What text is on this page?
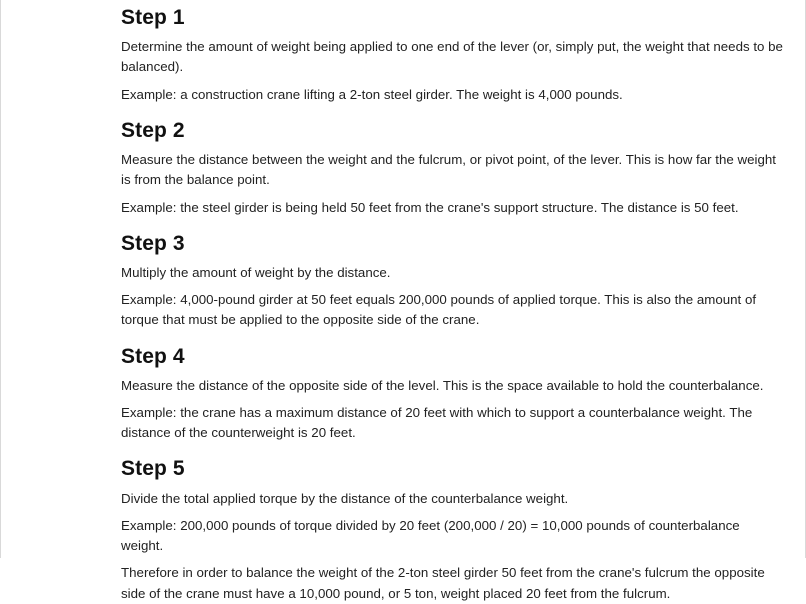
Step 1

Determine the amount of weight being applied to one end of the lever (or, simply put, the weight that needs to be balanced).

Example: a construction crane lifting a 2-ton steel girder. The weight is 4,000 pounds.

Step 2

Measure the distance between the weight and the fulcrum, or pivot point, of the lever. This is how far the weight is from the balance point.

Example: the steel girder is being held 50 feet from the crane's support structure. The distance is 50 feet.

Step 3

Multiply the amount of weight by the distance.

Example: 4,000-pound girder at 50 feet equals 200,000 pounds of applied torque. This is also the amount of torque that must be applied to the opposite side of the crane.

Step 4

Measure the distance of the opposite side of the level. This is the space available to hold the counterbalance.

Example: the crane has a maximum distance of 20 feet with which to support a counterbalance weight. The distance of the counterweight is 20 feet.

Step 5

Divide the total applied torque by the distance of the counterbalance weight.

Example: 200,000 pounds of torque divided by 20 feet (200,000 / 20) = 10,000 pounds of counterbalance weight.

Therefore in order to balance the weight of the 2-ton steel girder 50 feet from the crane's fulcrum the opposite side of the crane must have a 10,000 pound, or 5 ton, weight placed 20 feet from the fulcrum.
